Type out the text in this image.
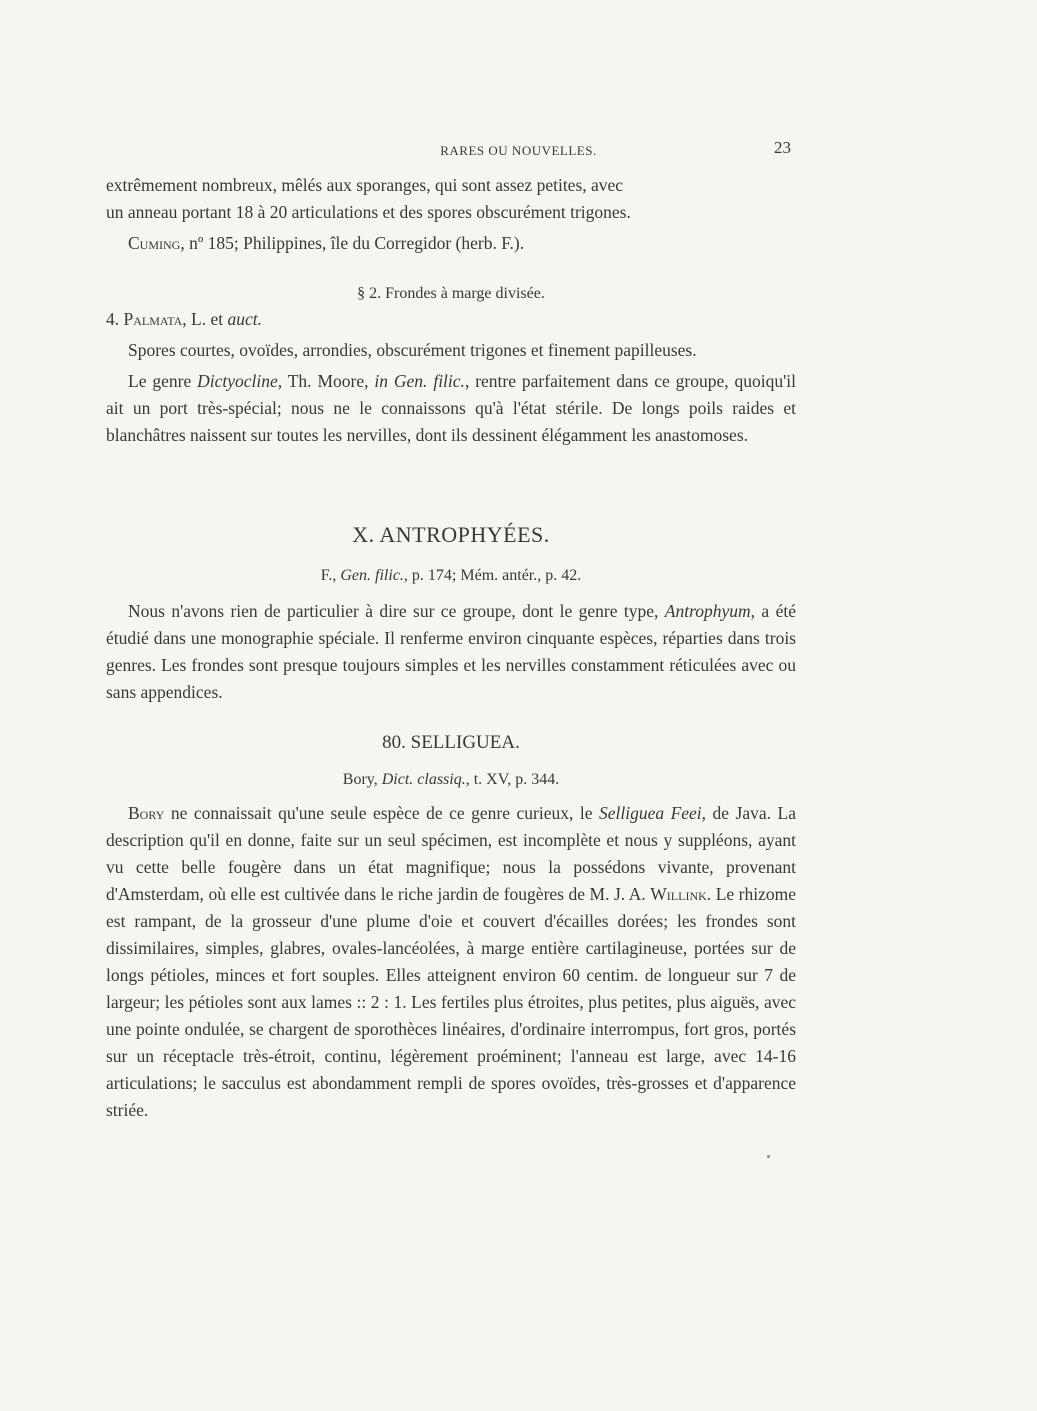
RARES OU NOUVELLES.	23

extrêmement nombreux, mêlés aux sporanges, qui sont assez petites, avec

un anneau portant 18 à 20 articulations et des spores obscurément trigones.

Cuming, nº 185; Philippines, île du Corregidor (herb. F.).

§ 2. Frondes à marge divisée.

4. Palmata, L. et auct.

Spores courtes, ovoïdes, arrondies, obscurément trigones et finement papilleuses.

Le genre Dictyocline, Th. Moore, in Gen. filic., rentre parfaitement dans ce groupe, quoiqu'il ait un port très-spécial; nous ne le connaissons qu'à l'état stérile. De longs poils raides et blanchâtres naissent sur toutes les nervilles, dont ils dessinent élégamment les anastomoses.

X. ANTROPHYÉES.
F., Gen. filic., p. 174; Mém. antér., p. 42.

Nous n'avons rien de particulier à dire sur ce groupe, dont le genre type, Antrophyum, a été étudié dans une monographie spéciale. Il renferme environ cinquante espèces, réparties dans trois genres. Les frondes sont presque toujours simples et les nervilles constamment réticulées avec ou sans appendices.

80. SELLIGUEA.
Bory, Dict. classiq., t. XV, p. 344.

Bory ne connaissait qu'une seule espèce de ce genre curieux, le Selliguea Feei, de Java. La description qu'il en donne, faite sur un seul spécimen, est incomplète et nous y suppléons, ayant vu cette belle fougère dans un état magnifique; nous la possédons vivante, provenant d'Amsterdam, où elle est cultivée dans le riche jardin de fougères de M. J. A. Willink. Le rhizome est rampant, de la grosseur d'une plume d'oie et couvert d'écailles dorées; les frondes sont dissimilaires, simples, glabres, ovales-lancéolées, à marge entière cartilagineuse, portées sur de longs pétioles, minces et fort souples. Elles atteignent environ 60 centim. de longueur sur 7 de largeur; les pétioles sont aux lames :: 2 : 1. Les fertiles plus étroites, plus petites, plus aiguës, avec une pointe ondulée, se chargent de sporothèces linéaires, d'ordinaire interrompus, fort gros, portés sur un réceptacle très-étroit, continu, légèrement proéminent; l'anneau est large, avec 14-16 articulations; le sacculus est abondamment rempli de spores ovoïdes, très-grosses et d'apparence striée.
